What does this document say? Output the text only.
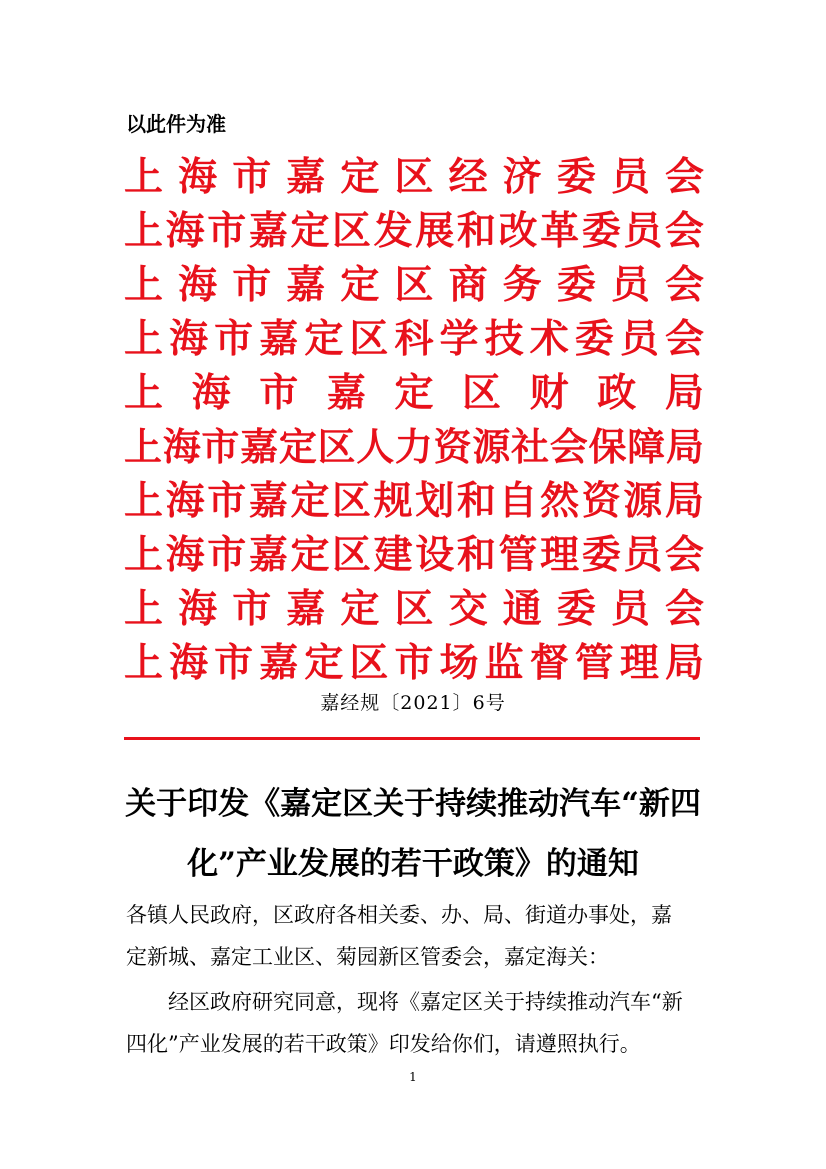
以此件为准
上 海 市 嘉 定 区 经 济 委 员 会
上 海 市 嘉 定 区 发 展 和 改 革 委 员 会
上 海 市 嘉 定 区 商 务 委 员 会
上 海 市 嘉 定 区 科 学 技 术 委 员 会
上 海 市 嘉 定 区 财 政 局
上 海 市 嘉 定 区 人 力 资 源 社 会 保 障 局
上 海 市 嘉 定 区 规 划 和 自 然 资 源 局
上 海 市 嘉 定 区 建 设 和 管 理 委 员 会
上 海 市 嘉 定 区 交 通 委 员 会
上 海 市 嘉 定 区 市 场 监 督 管 理 局
嘉经规〔2021〕6号
关于印发《嘉定区关于持续推动汽车“新四
化”产业发展的若干政策》的通知
各镇人民政府，区政府各相关委、办、局、街道办事处，嘉
定新城、嘉定工业区、菊园新区管委会，嘉定海关：
经区政府研究同意，现将《嘉定区关于持续推动汽车“新
四化”产业发展的若干政策》印发给你们，请遵照执行。
1
